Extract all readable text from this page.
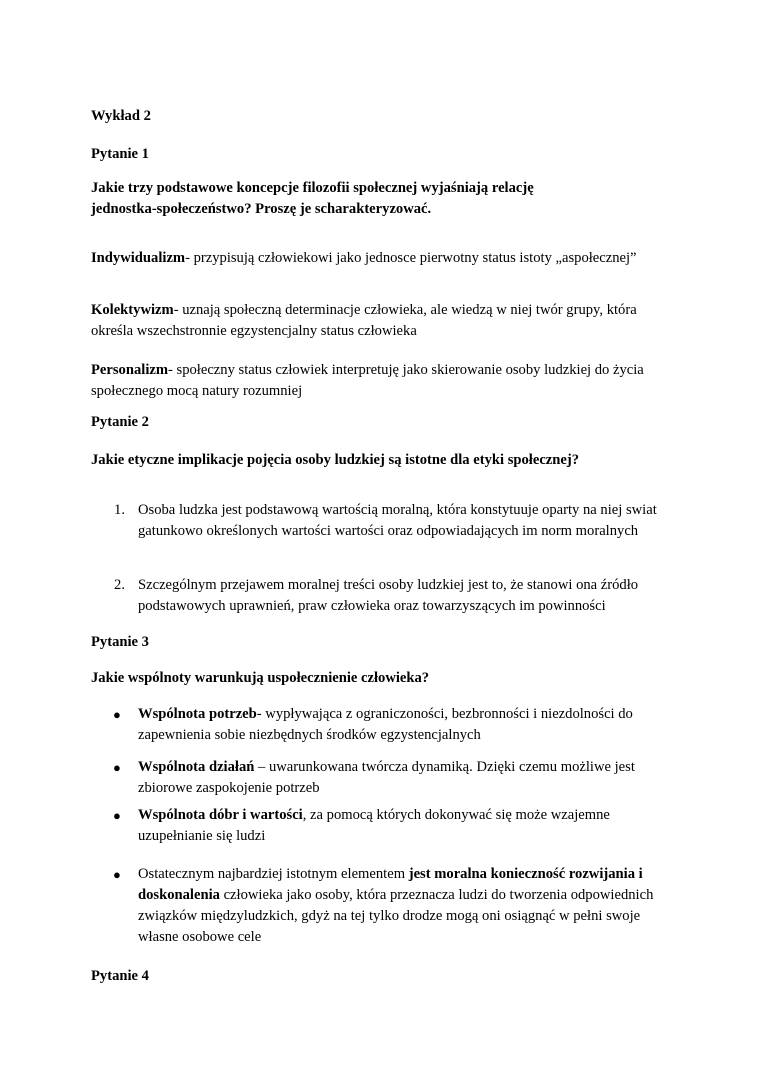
Wykład 2

Pytanie 1

Jakie trzy podstawowe koncepcje filozofii społecznej wyjaśniają relację jednostka-społeczeństwo? Proszę je scharakteryzować.

Indywidualizm- przypisują człowiekowi jako jednosce pierwotny status istoty „aspołecznej”

Kolektywizm- uznają społeczną determinacje człowieka, ale wiedzą w niej twór grupy, która określa wszechstronnie egzystencjalny status człowieka

Personalizm- społeczny status człowiek interpretuję jako skierowanie osoby ludzkiej do życia społecznego mocą natury rozumniej

Pytanie 2

Jakie etyczne implikacje pojęcia osoby ludzkiej są istotne dla etyki społecznej?

1. Osoba ludzka jest podstawową wartością moralną, która konstytuuje oparty na niej swiat gatunkowo określonych wartości wartości oraz odpowiadających im norm moralnych
2. Szczególnym przejawem moralnej treści osoby ludzkiej jest to, że stanowi ona źródło podstawowych uprawnień, praw człowieka oraz towarzyszących im powinności

Pytanie 3

Jakie wspólnoty warunkują uspołecznienie człowieka?

● Wspólnota potrzeb- wypływająca z ograniczoności, bezbronności i niezdolności do zapewnienia sobie niezbędnych środków egzystencjalnych
● Wspólnota działań – uwarunkowana twórcza dynamiką. Dzięki czemu możliwe jest zbiorowe zaspokojenie potrzeb
● Wspólnota dóbr i wartości, za pomocą których dokonywać się może wzajemne uzupełnianie się ludzi
● Ostatecznym najbardziej istotnym elementem jest moralna konieczność rozwijania i doskonalenia człowieka jako osoby, która przeznacza ludzi do tworzenia odpowiednich związków międzyludzkich, gdyż na tej tylko drodze mogą oni osiągnąć w pełni swoje własne osobowe cele

Pytanie 4
